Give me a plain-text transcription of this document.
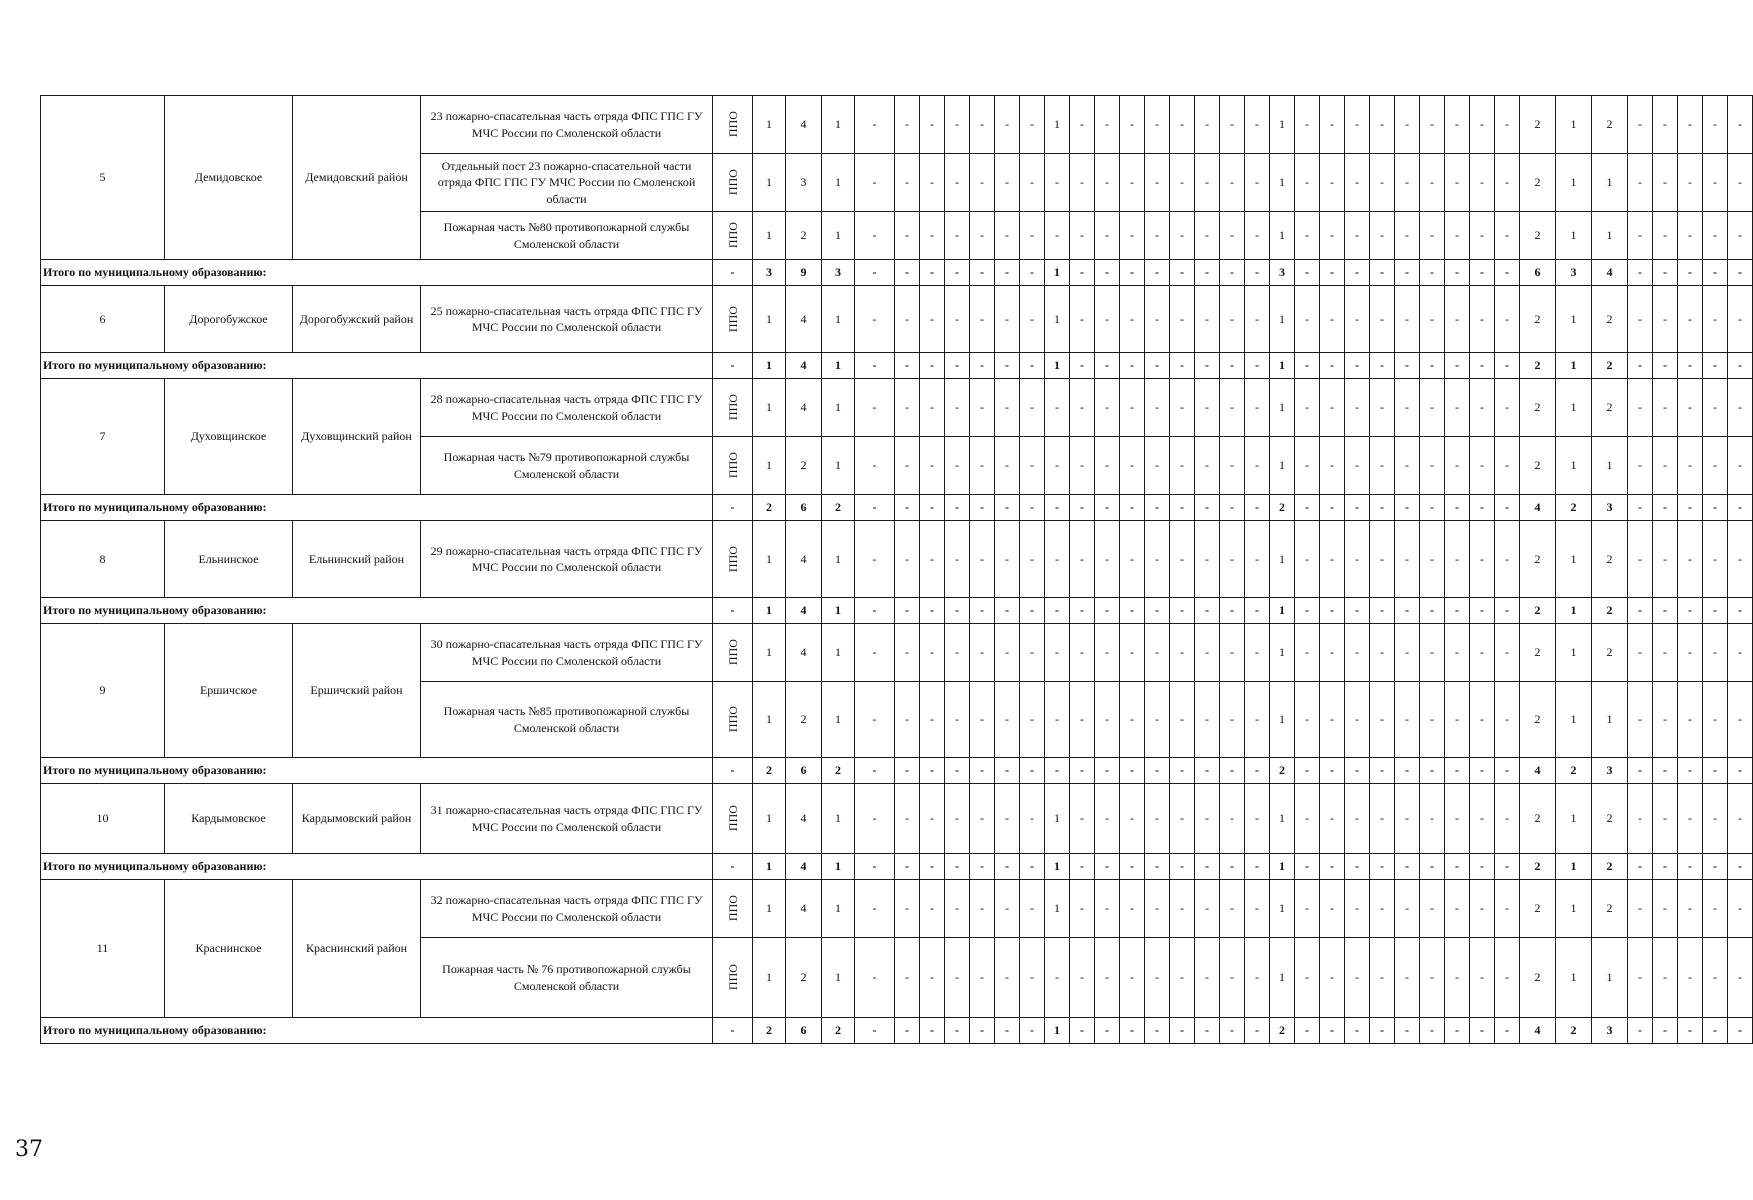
5	Демидовское	Демидовский район	23 пожарно-спасательная часть отряда ФПС ГПС ГУ МЧС России по Смоленской области	ППО	1	4	1	-	-	-	-	-	-	-	1	-	-	-	-	-	-	-	-	1	-	-	-	-	-	-	-	-	-	2	1	2	-	-	-	-	-
			Отдельный пост 23 пожарно-спасательной части отряда ФПС ГПС ГУ МЧС России по Смоленской области	ППО	1	3	1	-	-	-	-	-	-	-	-	-	-	-	-	-	-	-	-	1	-	-	-	-	-	-	-	-	-	2	1	1	-	-	-	-	-
			Пожарная часть №80 противопожарной службы Смоленской области	ППО	1	2	1	-	-	-	-	-	-	-	-	-	-	-	-	-	-	-	-	1	-	-	-	-	-	-	-	-	-	2	1	1	-	-	-	-	-
Итого по муниципальному образованию:				-	3	9	3	-	-	-	-	-	-	-	1	-	-	-	-	-	-	-	-	3	-	-	-	-	-	-	-	-	-	6	3	4	-	-	-	-	-
6	Дорогобужское	Дорогобужский район	25 пожарно-спасательная часть отряда ФПС ГПС ГУ МЧС России по Смоленской области	ППО	1	4	1	-	-	-	-	-	-	-	1	-	-	-	-	-	-	-	-	1	-	-	-	-	-	-	-	-	-	2	1	2	-	-	-	-	-
Итого по муниципальному образованию:				-	1	4	1	-	-	-	-	-	-	-	1	-	-	-	-	-	-	-	-	1	-	-	-	-	-	-	-	-	-	2	1	2	-	-	-	-	-
7	Духовщинское	Духовщинский район	28 пожарно-спасательная часть отряда ФПС ГПС ГУ МЧС России по Смоленской области	ППО	1	4	1	-	-	-	-	-	-	-	-	-	-	-	-	-	-	-	-	1	-	-	-	-	-	-	-	-	-	2	1	2	-	-	-	-	-
			Пожарная часть №79 противопожарной службы Смоленской области	ППО	1	2	1	-	-	-	-	-	-	-	-	-	-	-	-	-	-	-	-	1	-	-	-	-	-	-	-	-	-	2	1	1	-	-	-	-	-
Итого по муниципальному образованию:				-	2	6	2	-	-	-	-	-	-	-	-	-	-	-	-	-	-	-	-	2	-	-	-	-	-	-	-	-	-	4	2	3	-	-	-	-	-
8	Ельнинское	Ельнинский район	29 пожарно-спасательная часть отряда ФПС ГПС ГУ МЧС России по Смоленской области	ППО	1	4	1	-	-	-	-	-	-	-	-	-	-	-	-	-	-	-	-	1	-	-	-	-	-	-	-	-	-	2	1	2	-	-	-	-	-
Итого по муниципальному образованию:				-	1	4	1	-	-	-	-	-	-	-	-	-	-	-	-	-	-	-	-	1	-	-	-	-	-	-	-	-	-	2	1	2	-	-	-	-	-
9	Ершичское	Ершичский район	30 пожарно-спасательная часть отряда ФПС ГПС ГУ МЧС России по Смоленской области	ППО	1	4	1	-	-	-	-	-	-	-	-	-	-	-	-	-	-	-	-	1	-	-	-	-	-	-	-	-	-	2	1	2	-	-	-	-	-
			Пожарная часть №85 противопожарной службы Смоленской области	ППО	1	2	1	-	-	-	-	-	-	-	-	-	-	-	-	-	-	-	-	1	-	-	-	-	-	-	-	-	-	2	1	1	-	-	-	-	-
Итого по муниципальному образованию:				-	2	6	2	-	-	-	-	-	-	-	-	-	-	-	-	-	-	-	-	2	-	-	-	-	-	-	-	-	-	4	2	3	-	-	-	-	-
10	Кардымовское	Кардымовский район	31 пожарно-спасательная часть отряда ФПС ГПС ГУ МЧС России по Смоленской области	ППО	1	4	1	-	-	-	-	-	-	-	1	-	-	-	-	-	-	-	-	1	-	-	-	-	-	-	-	-	-	2	1	2	-	-	-	-	-
Итого по муниципальному образованию:				-	1	4	1	-	-	-	-	-	-	-	1	-	-	-	-	-	-	-	-	1	-	-	-	-	-	-	-	-	-	2	1	2	-	-	-	-	-
11	Краснинское	Краснинский район	32 пожарно-спасательная часть отряда ФПС ГПС ГУ МЧС России по Смоленской области	ППО	1	4	1	-	-	-	-	-	-	-	1	-	-	-	-	-	-	-	-	1	-	-	-	-	-	-	-	-	-	2	1	2	-	-	-	-	-
			Пожарная часть № 76 противопожарной службы Смоленской области	ППО	1	2	1	-	-	-	-	-	-	-	-	-	-	-	-	-	-	-	-	1	-	-	-	-	-	-	-	-	-	2	1	1	-	-	-	-	-
Итого по муниципальному образованию:				-	2	6	2	-	-	-	-	-	-	-	1	-	-	-	-	-	-	-	-	2	-	-	-	-	-	-	-	-	-	4	2	3	-	-	-	-	-
37
